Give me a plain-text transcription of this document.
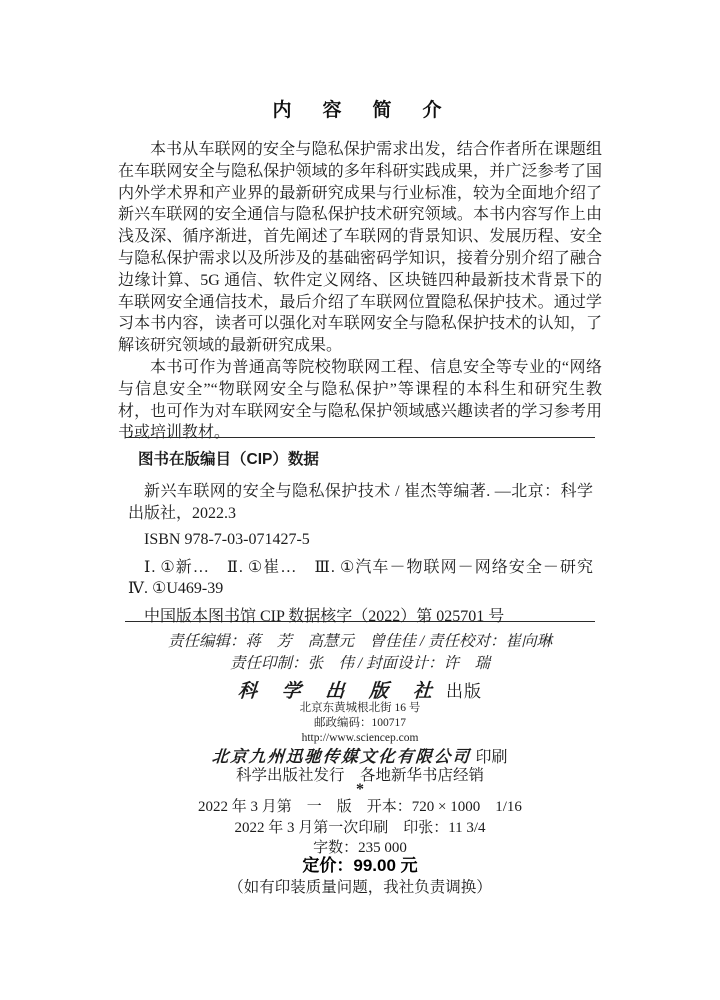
内　容　简　介

本书从车联网的安全与隐私保护需求出发，结合作者所在课题组在车联网安全与隐私保护领域的多年科研实践成果，并广泛参考了国内外学术界和产业界的最新研究成果与行业标准，较为全面地介绍了新兴车联网的安全通信与隐私保护技术研究领域。本书内容写作上由浅及深、循序渐进，首先阐述了车联网的背景知识、发展历程、安全与隐私保护需求以及所涉及的基础密码学知识，接着分别介绍了融合边缘计算、5G 通信、软件定义网络、区块链四种最新技术背景下的车联网安全通信技术，最后介绍了车联网位置隐私保护技术。通过学习本书内容，读者可以强化对车联网安全与隐私保护技术的认知，了解该研究领域的最新研究成果。

本书可作为普通高等院校物联网工程、信息安全等专业的“网络与信息安全”“物联网安全与隐私保护”等课程的本科生和研究生教材，也可作为对车联网安全与隐私保护领域感兴趣读者的学习参考用书或培训教材。

图书在版编目（CIP）数据

新兴车联网的安全与隐私保护技术 / 崔杰等编著. —北京：科学出版社，2022.3

ISBN 978-7-03-071427-5

Ⅰ. ①新…　Ⅱ. ①崔…　Ⅲ. ①汽车－物联网－网络安全－研究　Ⅳ. ①U469-39

中国版本图书馆 CIP 数据核字（2022）第 025701 号

责任编辑：蒋　芳　高慧元　曾佳佳 / 责任校对：崔向琳
责任印制：张　伟 / 封面设计：许　瑞
科 学 出 版 社 出版
北京东黄城根北街 16 号
邮政编码：100717
http://www.sciencep.com
北京九州迅驰传媒文化有限公司 印刷
科学出版社发行　各地新华书店经销
*
2022 年 3 月第　一　版　开本：720 × 1000　1/16
2022 年 3 月第一次印刷　印张：11 3/4
字数：235 000
定价：99.00 元
（如有印装质量问题，我社负责调换）
